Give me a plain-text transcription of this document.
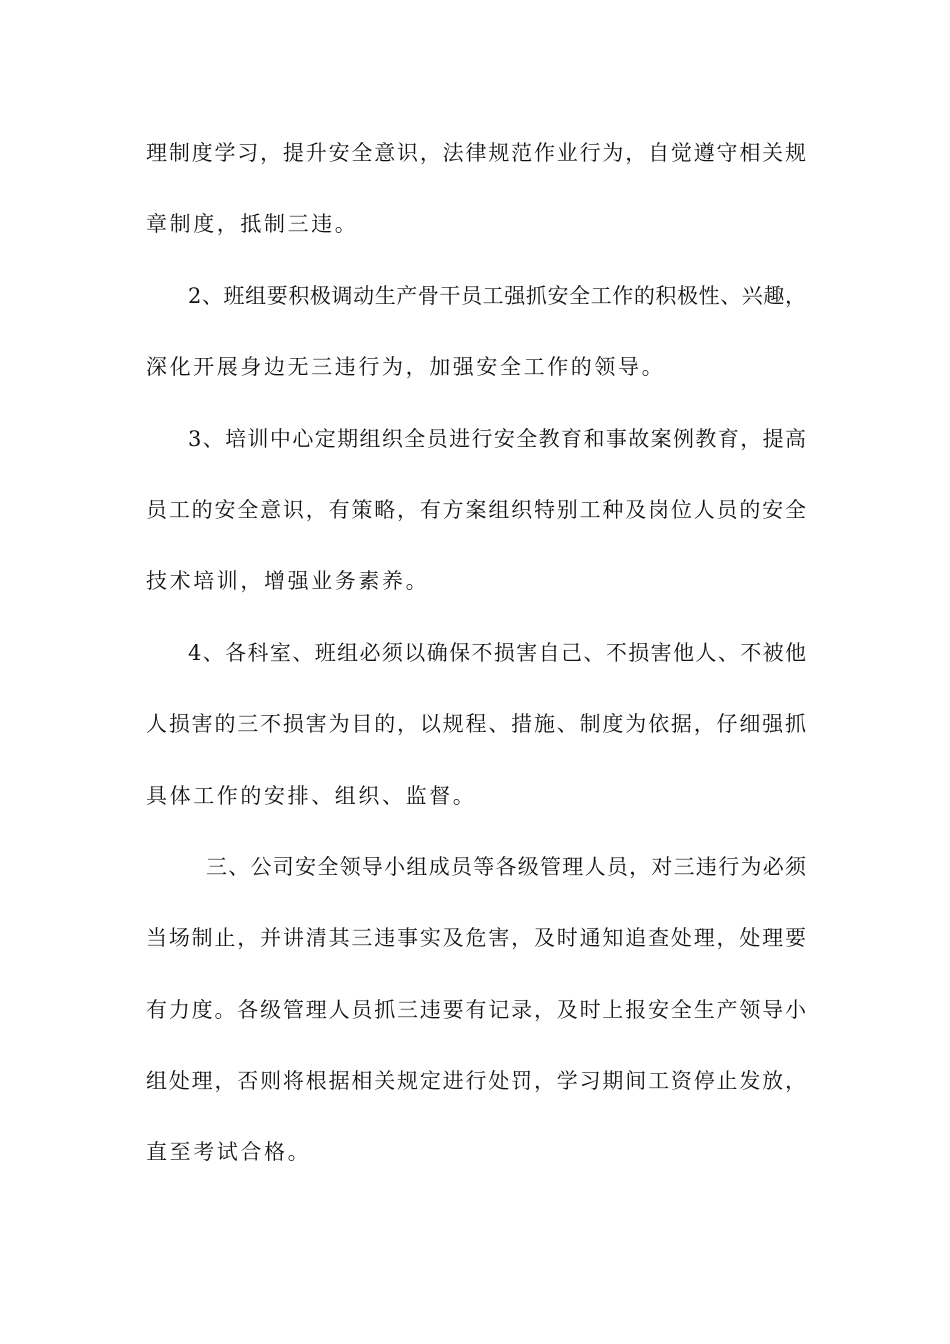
理制度学习，提升安全意识，法律规范作业行为，自觉遵守相关规
章制度，抵制三违。
2、班组要积极调动生产骨干员工强抓安全工作的积极性、兴趣，
深化开展身边无三违行为，加强安全工作的领导。
3、培训中心定期组织全员进行安全教育和事故案例教育，提高
员工的安全意识，有策略，有方案组织特别工种及岗位人员的安全
技术培训，增强业务素养。
4、各科室、班组必须以确保不损害自己、不损害他人、不被他
人损害的三不损害为目的，以规程、措施、制度为依据，仔细强抓
具体工作的安排、组织、监督。
三、公司安全领导小组成员等各级管理人员，对三违行为必须
当场制止，并讲清其三违事实及危害，及时通知追查处理，处理要
有力度。各级管理人员抓三违要有记录，及时上报安全生产领导小
组处理，否则将根据相关规定进行处罚，学习期间工资停止发放，
直至考试合格。
